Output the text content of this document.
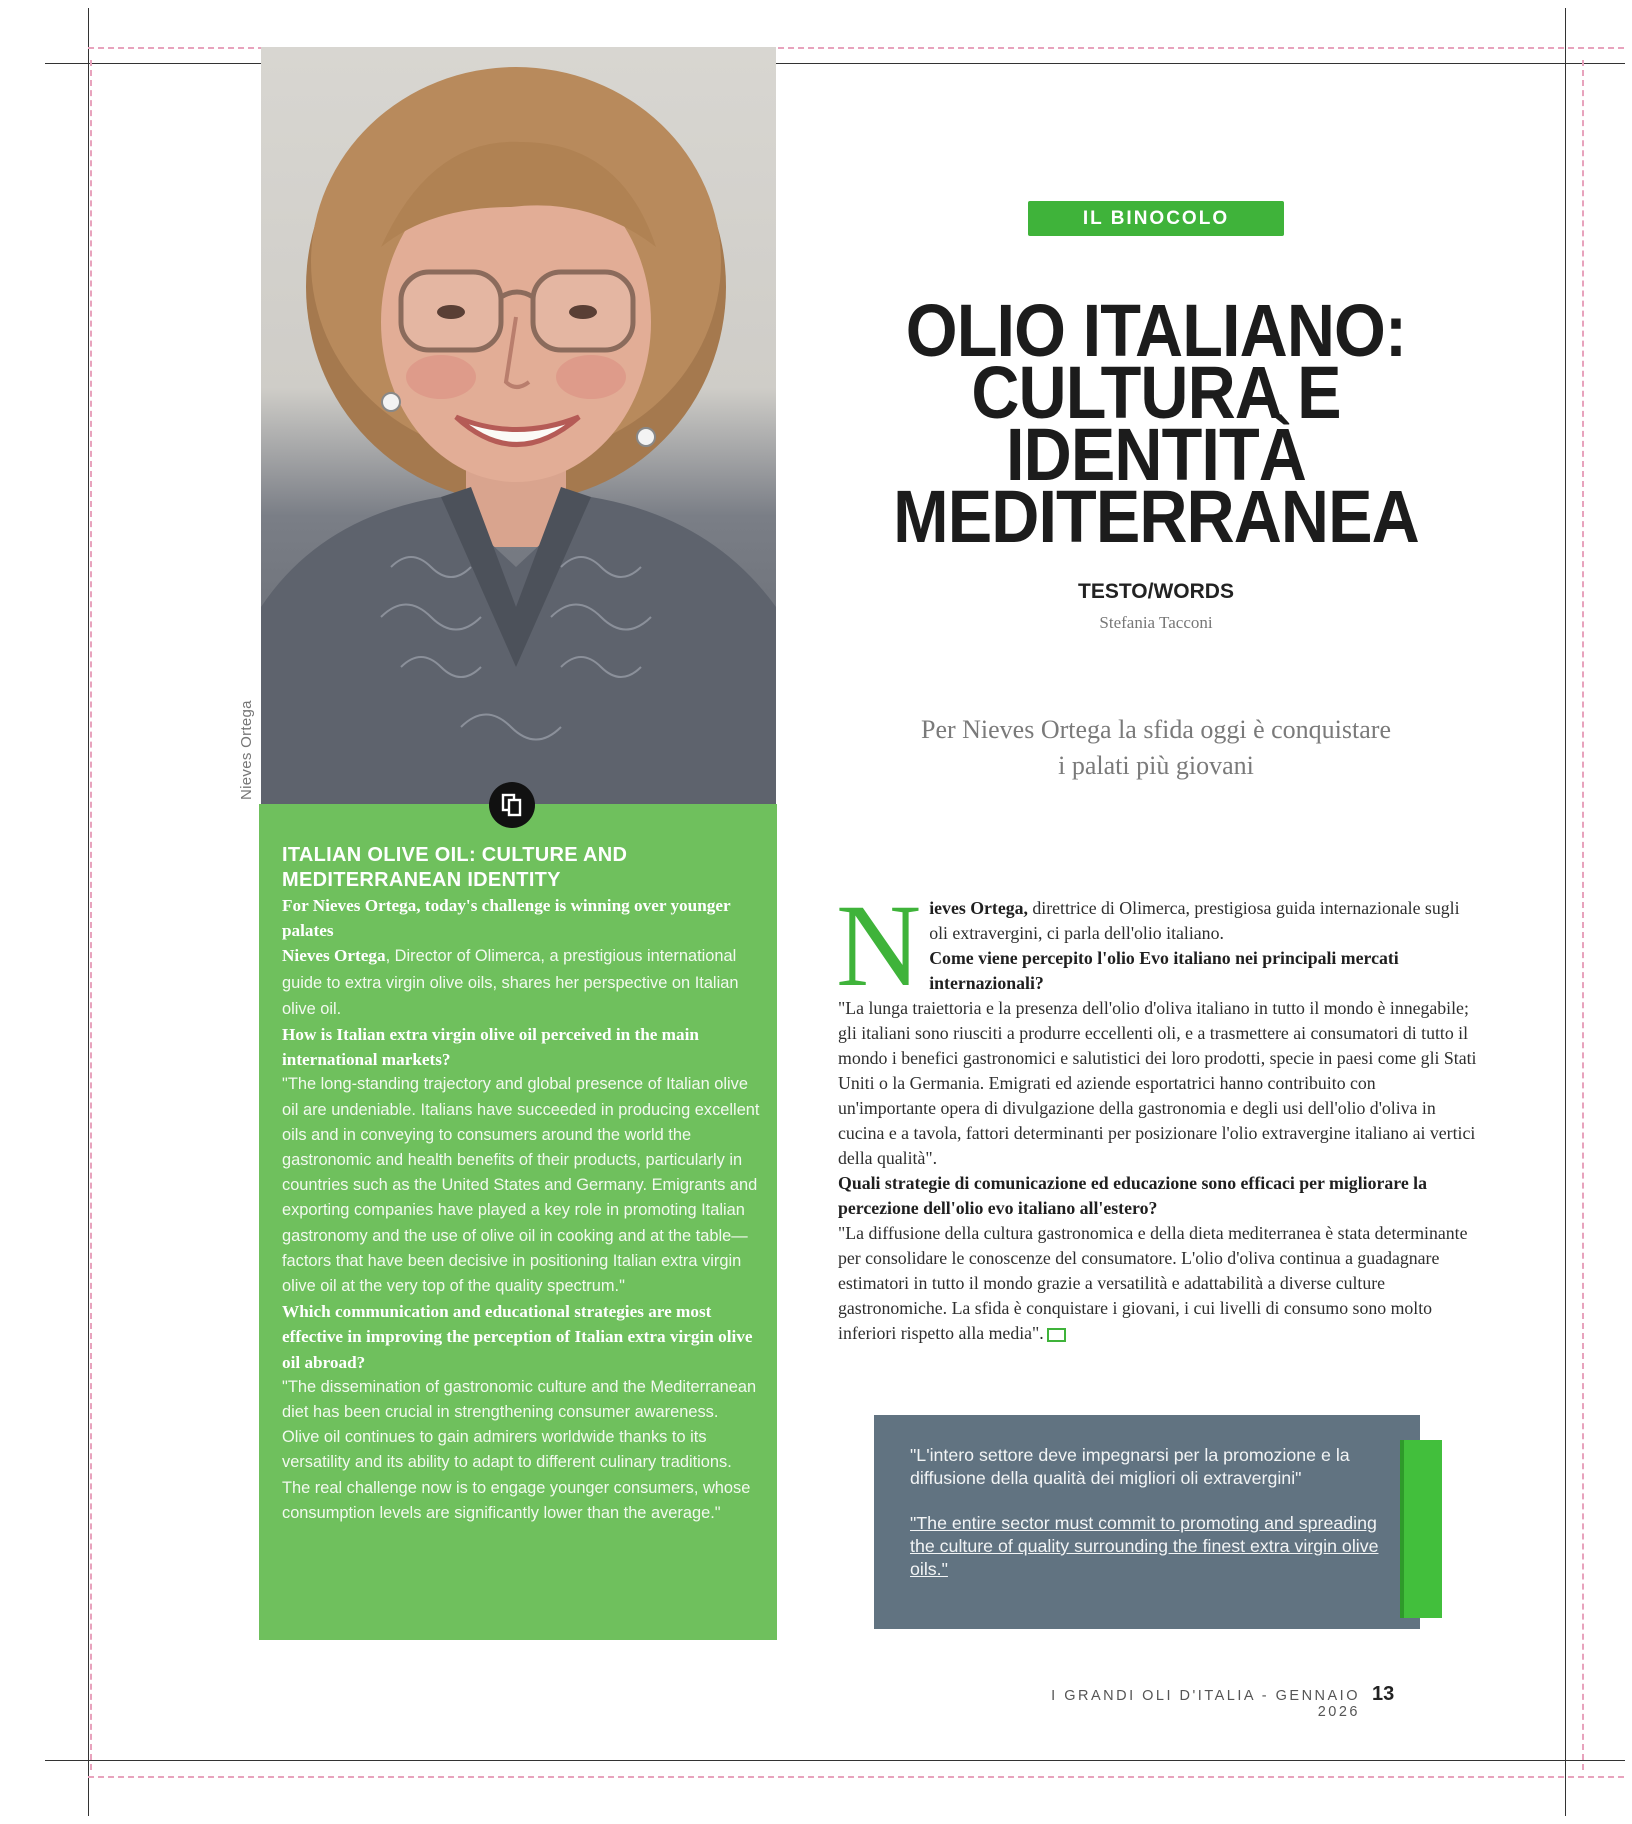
Nieves Ortega
ITALIAN OLIVE OIL: CULTURE AND MEDITERRANEAN IDENTITY

For Nieves Ortega, today's challenge is winning over younger palates

Nieves Ortega, Director of Olimerca, a prestigious international guide to extra virgin olive oils, shares her perspective on Italian olive oil.

How is Italian extra virgin olive oil perceived in the main international markets?

"The long-standing trajectory and global presence of Italian olive oil are undeniable. Italians have succeeded in producing excellent oils and in conveying to consumers around the world the gastronomic and health benefits of their products, particularly in countries such as the United States and Germany. Emigrants and exporting companies have played a key role in promoting Italian gastronomy and the use of olive oil in cooking and at the table—factors that have been decisive in positioning Italian extra virgin olive oil at the very top of the quality spectrum."

Which communication and educational strategies are most effective in improving the perception of Italian extra virgin olive oil abroad?

"The dissemination of gastronomic culture and the Mediterranean diet has been crucial in strengthening consumer awareness. Olive oil continues to gain admirers worldwide thanks to its versatility and its ability to adapt to different culinary traditions. The real challenge now is to engage younger consumers, whose consumption levels are significantly lower than the average."

IL BINOCOLO
OLIO ITALIANO:
CULTURA E IDENTITÀ
MEDITERRANEA
TESTO/WORDS
Stefania Tacconi
Per Nieves Ortega la sfida oggi è conquistare
i palati più giovani
N ieves Ortega, direttrice di Olimerca, prestigiosa guida internazionale sugli oli extravergini, ci parla dell'olio italiano.

Come viene percepito l'olio Evo italiano nei principali mercati internazionali?

"La lunga traiettoria e la presenza dell'olio d'oliva italiano in tutto il mondo è innegabile; gli italiani sono riusciti a produrre eccellenti oli, e a trasmettere ai consumatori di tutto il mondo i benefici gastronomici e salutistici dei loro prodotti, specie in paesi come gli Stati Uniti o la Germania. Emigrati ed aziende esportatrici hanno contribuito con un'importante opera di divulgazione della gastronomia e degli usi dell'olio d'oliva in cucina e a tavola, fattori determinanti per posizionare l'olio extravergine italiano ai vertici della qualità".

Quali strategie di comunicazione ed educazione sono efficaci per migliorare la percezione dell'olio evo italiano all'estero?

"La diffusione della cultura gastronomica e della dieta mediterranea è stata determinante per consolidare le conoscenze del consumatore. L'olio d'oliva continua a guadagnare estimatori in tutto il mondo grazie a versatilità e adattabilità a diverse culture gastronomiche. La sfida è conquistare i giovani, i cui livelli di consumo sono molto inferiori rispetto alla media".

"L'intero settore deve impegnarsi per la promozione e la diffusione della qualità dei migliori oli extravergini"

"The entire sector must commit to promoting and spreading the culture of quality surrounding the finest extra virgin olive oils."

I GRANDI OLI D'ITALIA - GENNAIO 2026
13
